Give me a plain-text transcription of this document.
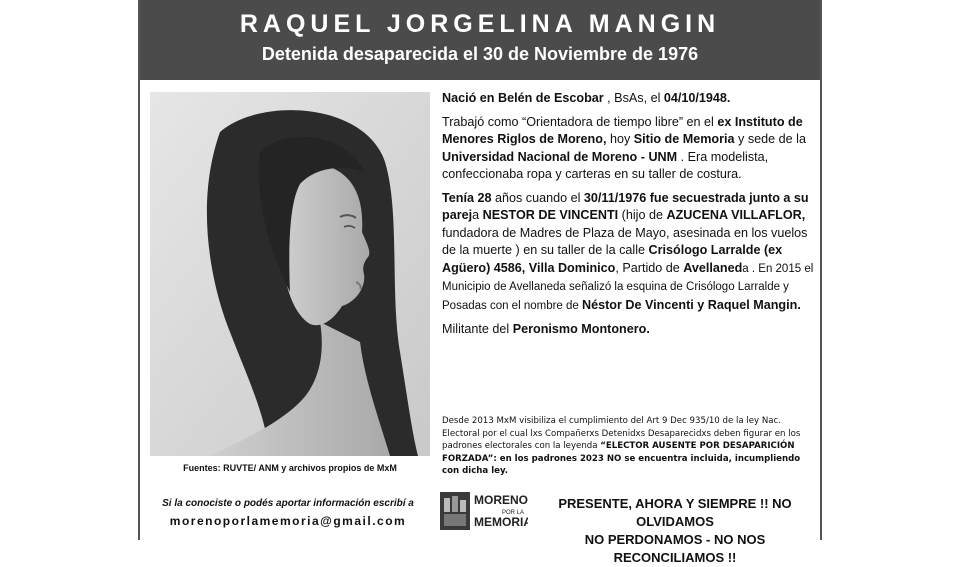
RAQUEL JORGELINA MANGIN
Detenida desaparecida el 30 de Noviembre de 1976
Fuentes: RUVTE/ ANM y archivos propios de MxM

Nació en Belén de Escobar , BsAs, el 04/10/1948.

Trabajó como “Orientadora de tiempo libre” en el ex Instituto de Menores Riglos de Moreno, hoy Sitio de Memoria y sede de la Universidad Nacional de Moreno - UNM . Era modelista, confeccionaba ropa y carteras en su taller de costura.

Tenía 28 años cuando el 30/11/1976 fue secuestrada junto a su pareja NESTOR DE VINCENTI (hijo de AZUCENA VILLAFLOR, fundadora de Madres de Plaza de Mayo, asesinada en los vuelos de la muerte ) en su taller de la calle Crisólogo Larralde (ex Agüero) 4586, Villa Dominico, Partido de Avellaneda . En 2015 el Municipio de Avellaneda señalizó la esquina de Crisólogo Larralde y Posadas con el nombre de Néstor De Vincenti y Raquel Mangin.

Militante del Peronismo Montonero.

Desde 2013 MxM visibiliza el cumplimiento del Art 9 Dec 935/10 de la ley Nac. Electoral por el cual lxs Compañerxs Detenidxs Desaparecidxs deben figurar en los padrones electorales con la leyenda “ELECTOR AUSENTE POR DESAPARICIÓN FORZADA”: en los padrones 2023 NO se encuentra incluida, incumpliendo con dicha ley.
Si la conociste o podés aportar información escribí a
morenoporlamemoria@gmail.com
MORENO
POR LA
MEMORIA
PRESENTE, AHORA Y SIEMPRE !! NO OLVIDAMOS
NO PERDONAMOS - NO NOS RECONCILIAMOS !!
